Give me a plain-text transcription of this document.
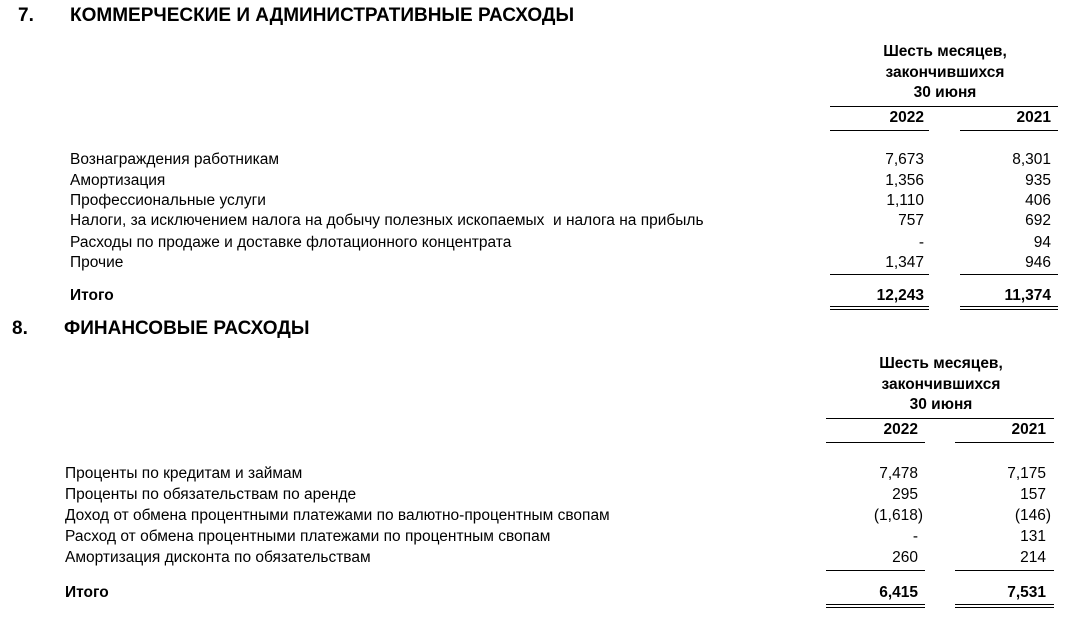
7. КОММЕРЧЕСКИЕ И АДМИНИСТРАТИВНЫЕ РАСХОДЫ
Шесть месяцев,
закончившихся
30 июня
2022	2021
Вознаграждения работникам	7,673	8,301
Амортизация	1,356	935
Профессиональные услуги	1,110	406
Налоги, за исключением налога на добычу полезных ископаемых  и налога на прибыль	757	692
Расходы по продаже и доставке флотационного концентрата	-	94
Прочие	1,347	946
Итого	12,243	11,374
8. ФИНАНСОВЫЕ РАСХОДЫ
Шесть месяцев,
закончившихся
30 июня
2022	2021
Проценты по кредитам и займам	7,478	7,175
Проценты по обязательствам по аренде	295	157
Доход от обмена процентными платежами по валютно-процентным свопам	(1,618)	(146)
Расход от обмена процентными платежами по процентным свопам	-	131
Амортизация дисконта по обязательствам	260	214
Итого	6,415	7,531
